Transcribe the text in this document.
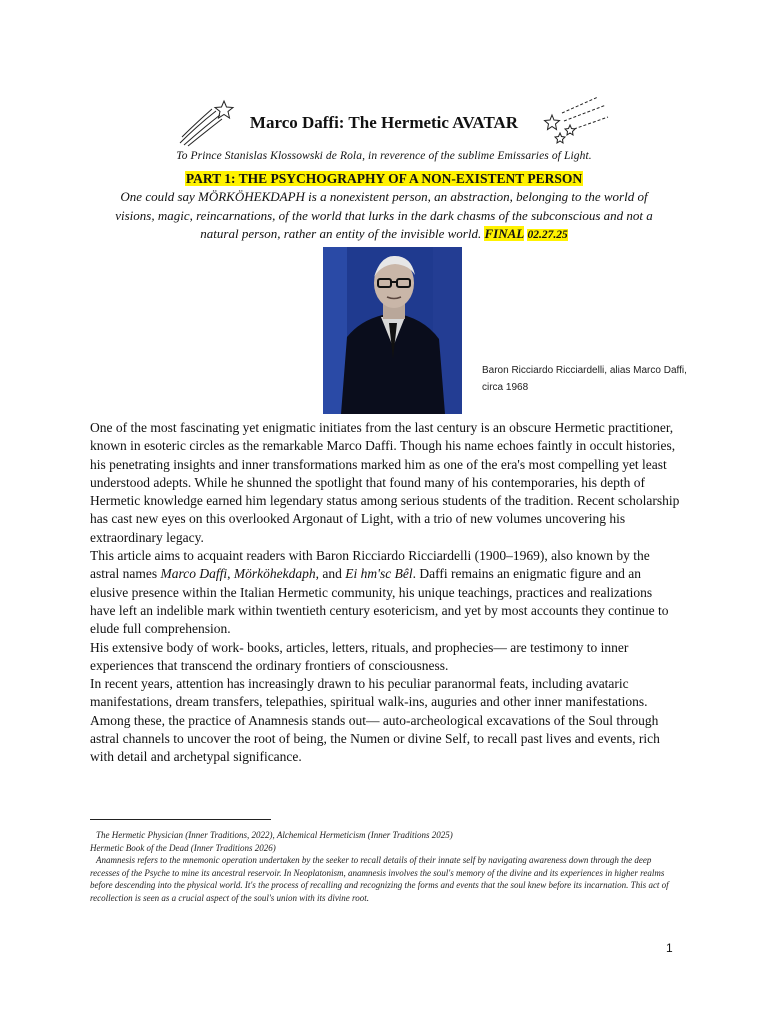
Marco Daffi: The Hermetic AVATAR
To Prince Stanislas Klossowski de Rola, in reverence of the sublime Emissaries of Light.
PART 1: THE PSYCHOGRAPHY OF A NON-EXISTENT PERSON
One could say MÖRKÖHEKDAPH is a nonexistent person, an abstraction, belonging to the world of visions, magic, reincarnations, of the world that lurks in the dark chasms of the subconscious and not a natural person, rather an entity of the invisible world. FINAL 02.27.25
Baron Ricciardo Ricciardelli, alias Marco Daffi,
circa 1968

One of the most fascinating yet enigmatic initiates from the last century is an obscure Hermetic practitioner, known in esoteric circles as the remarkable Marco Daffi. Though his name echoes faintly in occult histories, his penetrating insights and inner transformations marked him as one of the era's most compelling yet least understood adepts. While he shunned the spotlight that found many of his contemporaries, his depth of Hermetic knowledge earned him legendary status among serious students of the tradition. Recent scholarship has cast new eyes on this overlooked Argonaut of Light, with a trio of new volumes uncovering his extraordinary legacy.

This article aims to acquaint readers with Baron Ricciardo Ricciardelli (1900–1969), also known by the astral names Marco Daffi, Mörköhekdaph, and Ei hm'sc Bêl. Daffi remains an enigmatic figure and an elusive presence within the Italian Hermetic community, his unique teachings, practices and realizations have left an indelible mark within twentieth century esotericism, and yet by most accounts they continue to elude full comprehension.

His extensive body of work- books, articles, letters, rituals, and prophecies— are testimony to inner experiences that transcend the ordinary frontiers of consciousness.

In recent years, attention has increasingly drawn to his peculiar paranormal feats, including avataric manifestations, dream transfers, telepathies, spiritual walk-ins, auguries and other inner manifestations. Among these, the practice of Anamnesis stands out— auto-archeological excavations of the Soul through astral channels to uncover the root of being, the Numen or divine Self, to recall past lives and events, rich with detail and archetypal significance.

The Hermetic Physician (Inner Traditions, 2022), Alchemical Hermeticism (Inner Traditions 2025)

Hermetic Book of the Dead (Inner Traditions 2026)

Anamnesis refers to the mnemonic operation undertaken by the seeker to recall details of their innate self by navigating awareness down through the deep recesses of the Psyche to mine its ancestral reservoir. In Neoplatonism, anamnesis involves the soul's memory of the divine and its experiences in higher realms before descending into the physical world. It's the process of recalling and recognizing the forms and events that the soul knew before its incarnation. This act of recollection is seen as a crucial aspect of the soul's union with its divine root.

1
